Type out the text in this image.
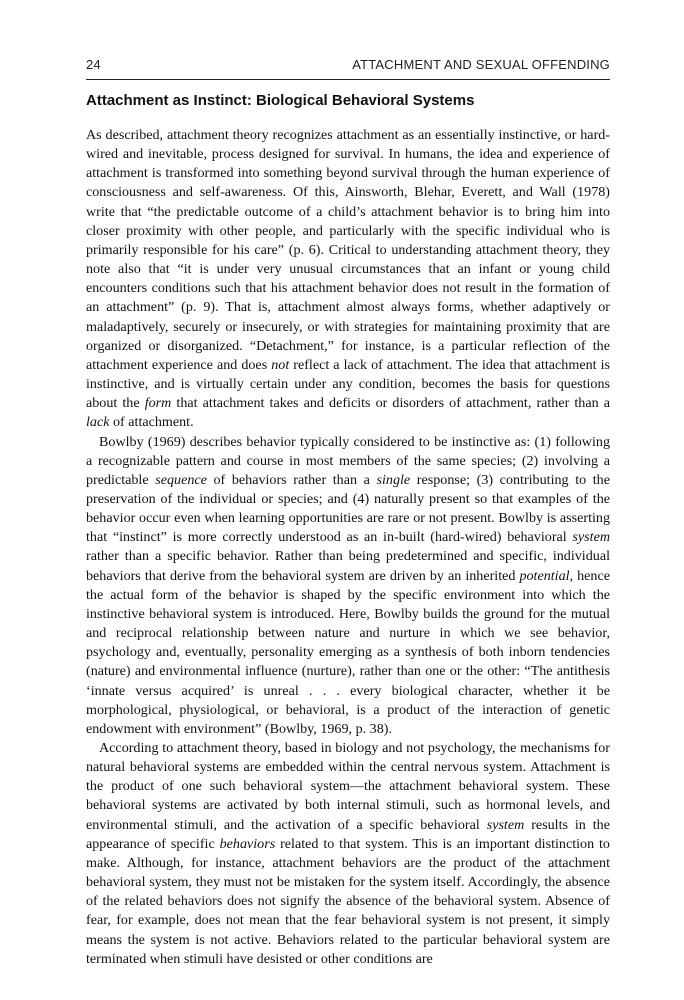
24	ATTACHMENT AND SEXUAL OFFENDING
Attachment as Instinct: Biological Behavioral Systems

As described, attachment theory recognizes attachment as an essentially instinctive, or hard-wired and inevitable, process designed for survival. In humans, the idea and experience of attachment is transformed into something beyond survival through the human experience of consciousness and self-awareness. Of this, Ainsworth, Blehar, Everett, and Wall (1978) write that “the predictable outcome of a child’s attachment behavior is to bring him into closer proximity with other people, and particularly with the specific individual who is primarily responsible for his care” (p. 6). Critical to understanding attachment theory, they note also that “it is under very unusual circumstances that an infant or young child encounters conditions such that his attachment behavior does not result in the formation of an attachment” (p. 9). That is, attachment almost always forms, whether adaptively or maladaptively, securely or insecurely, or with strategies for maintaining proximity that are organized or disorganized. “Detachment,” for instance, is a particular reflection of the attachment experience and does not reflect a lack of attachment. The idea that attachment is instinctive, and is virtually certain under any condition, becomes the basis for questions about the form that attachment takes and deficits or disorders of attachment, rather than a lack of attachment.

Bowlby (1969) describes behavior typically considered to be instinctive as: (1) following a recognizable pattern and course in most members of the same species; (2) involving a predictable sequence of behaviors rather than a single response; (3) contributing to the preservation of the individual or species; and (4) naturally present so that examples of the behavior occur even when learning opportunities are rare or not present. Bowlby is asserting that “instinct” is more correctly understood as an in-built (hard-wired) behavioral system rather than a specific behavior. Rather than being predetermined and specific, individual behaviors that derive from the behavioral system are driven by an inherited potential, hence the actual form of the behavior is shaped by the specific environment into which the instinctive behavioral system is introduced. Here, Bowlby builds the ground for the mutual and reciprocal relationship between nature and nurture in which we see behavior, psychology and, eventually, personality emerging as a synthesis of both inborn tendencies (nature) and environmental influence (nurture), rather than one or the other: “The antithesis ‘innate versus acquired’ is unreal . . . every biological character, whether it be morphological, physiological, or behavioral, is a product of the interaction of genetic endowment with environment” (Bowlby, 1969, p. 38).

According to attachment theory, based in biology and not psychology, the mechanisms for natural behavioral systems are embedded within the central nervous system. Attachment is the product of one such behavioral system—the attachment behavioral system. These behavioral systems are activated by both internal stimuli, such as hormonal levels, and environmental stimuli, and the activation of a specific behavioral system results in the appearance of specific behaviors related to that system. This is an important distinction to make. Although, for instance, attachment behaviors are the product of the attachment behavioral system, they must not be mistaken for the system itself. Accordingly, the absence of the related behaviors does not signify the absence of the behavioral system. Absence of fear, for example, does not mean that the fear behavioral system is not present, it simply means the system is not active. Behaviors related to the particular behavioral system are terminated when stimuli have desisted or other conditions are
